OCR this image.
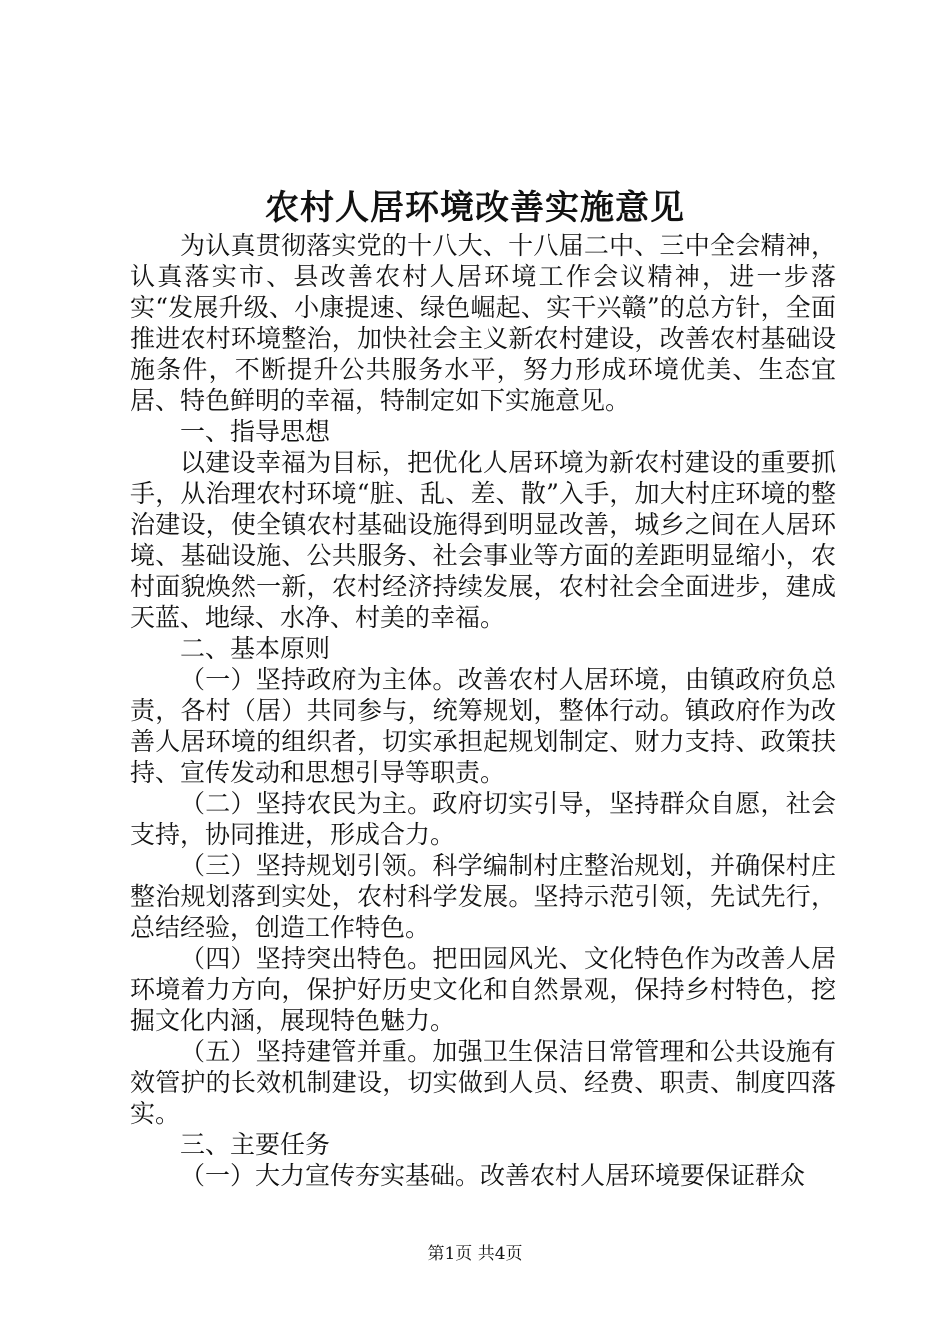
农村人居环境改善实施意见

为认真贯彻落实党的十八大、十八届二中、三中全会精神，认真落实市、县改善农村人居环境工作会议精神，进一步落实“发展升级、小康提速、绿色崛起、实干兴赣”的总方针，全面推进农村环境整治，加快社会主义新农村建设，改善农村基础设施条件，不断提升公共服务水平，努力形成环境优美、生态宜居、特色鲜明的幸福，特制定如下实施意见。

一、指导思想

以建设幸福为目标，把优化人居环境为新农村建设的重要抓手，从治理农村环境“脏、乱、差、散”入手，加大村庄环境的整治建设，使全镇农村基础设施得到明显改善，城乡之间在人居环境、基础设施、公共服务、社会事业等方面的差距明显缩小，农村面貌焕然一新，农村经济持续发展，农村社会全面进步，建成天蓝、地绿、水净、村美的幸福。

二、基本原则

（一）坚持政府为主体。改善农村人居环境，由镇政府负总责，各村（居）共同参与，统筹规划，整体行动。镇政府作为改善人居环境的组织者，切实承担起规划制定、财力支持、政策扶持、宣传发动和思想引导等职责。

（二）坚持农民为主。政府切实引导，坚持群众自愿，社会支持，协同推进，形成合力。

（三）坚持规划引领。科学编制村庄整治规划，并确保村庄整治规划落到实处，农村科学发展。坚持示范引领，先试先行，总结经验，创造工作特色。

（四）坚持突出特色。把田园风光、文化特色作为改善人居环境着力方向，保护好历史文化和自然景观，保持乡村特色，挖掘文化内涵，展现特色魅力。

（五）坚持建管并重。加强卫生保洁日常管理和公共设施有效管护的长效机制建设，切实做到人员、经费、职责、制度四落实。

三、主要任务

（一）大力宣传夯实基础。改善农村人居环境要保证群众

第1页 共4页
